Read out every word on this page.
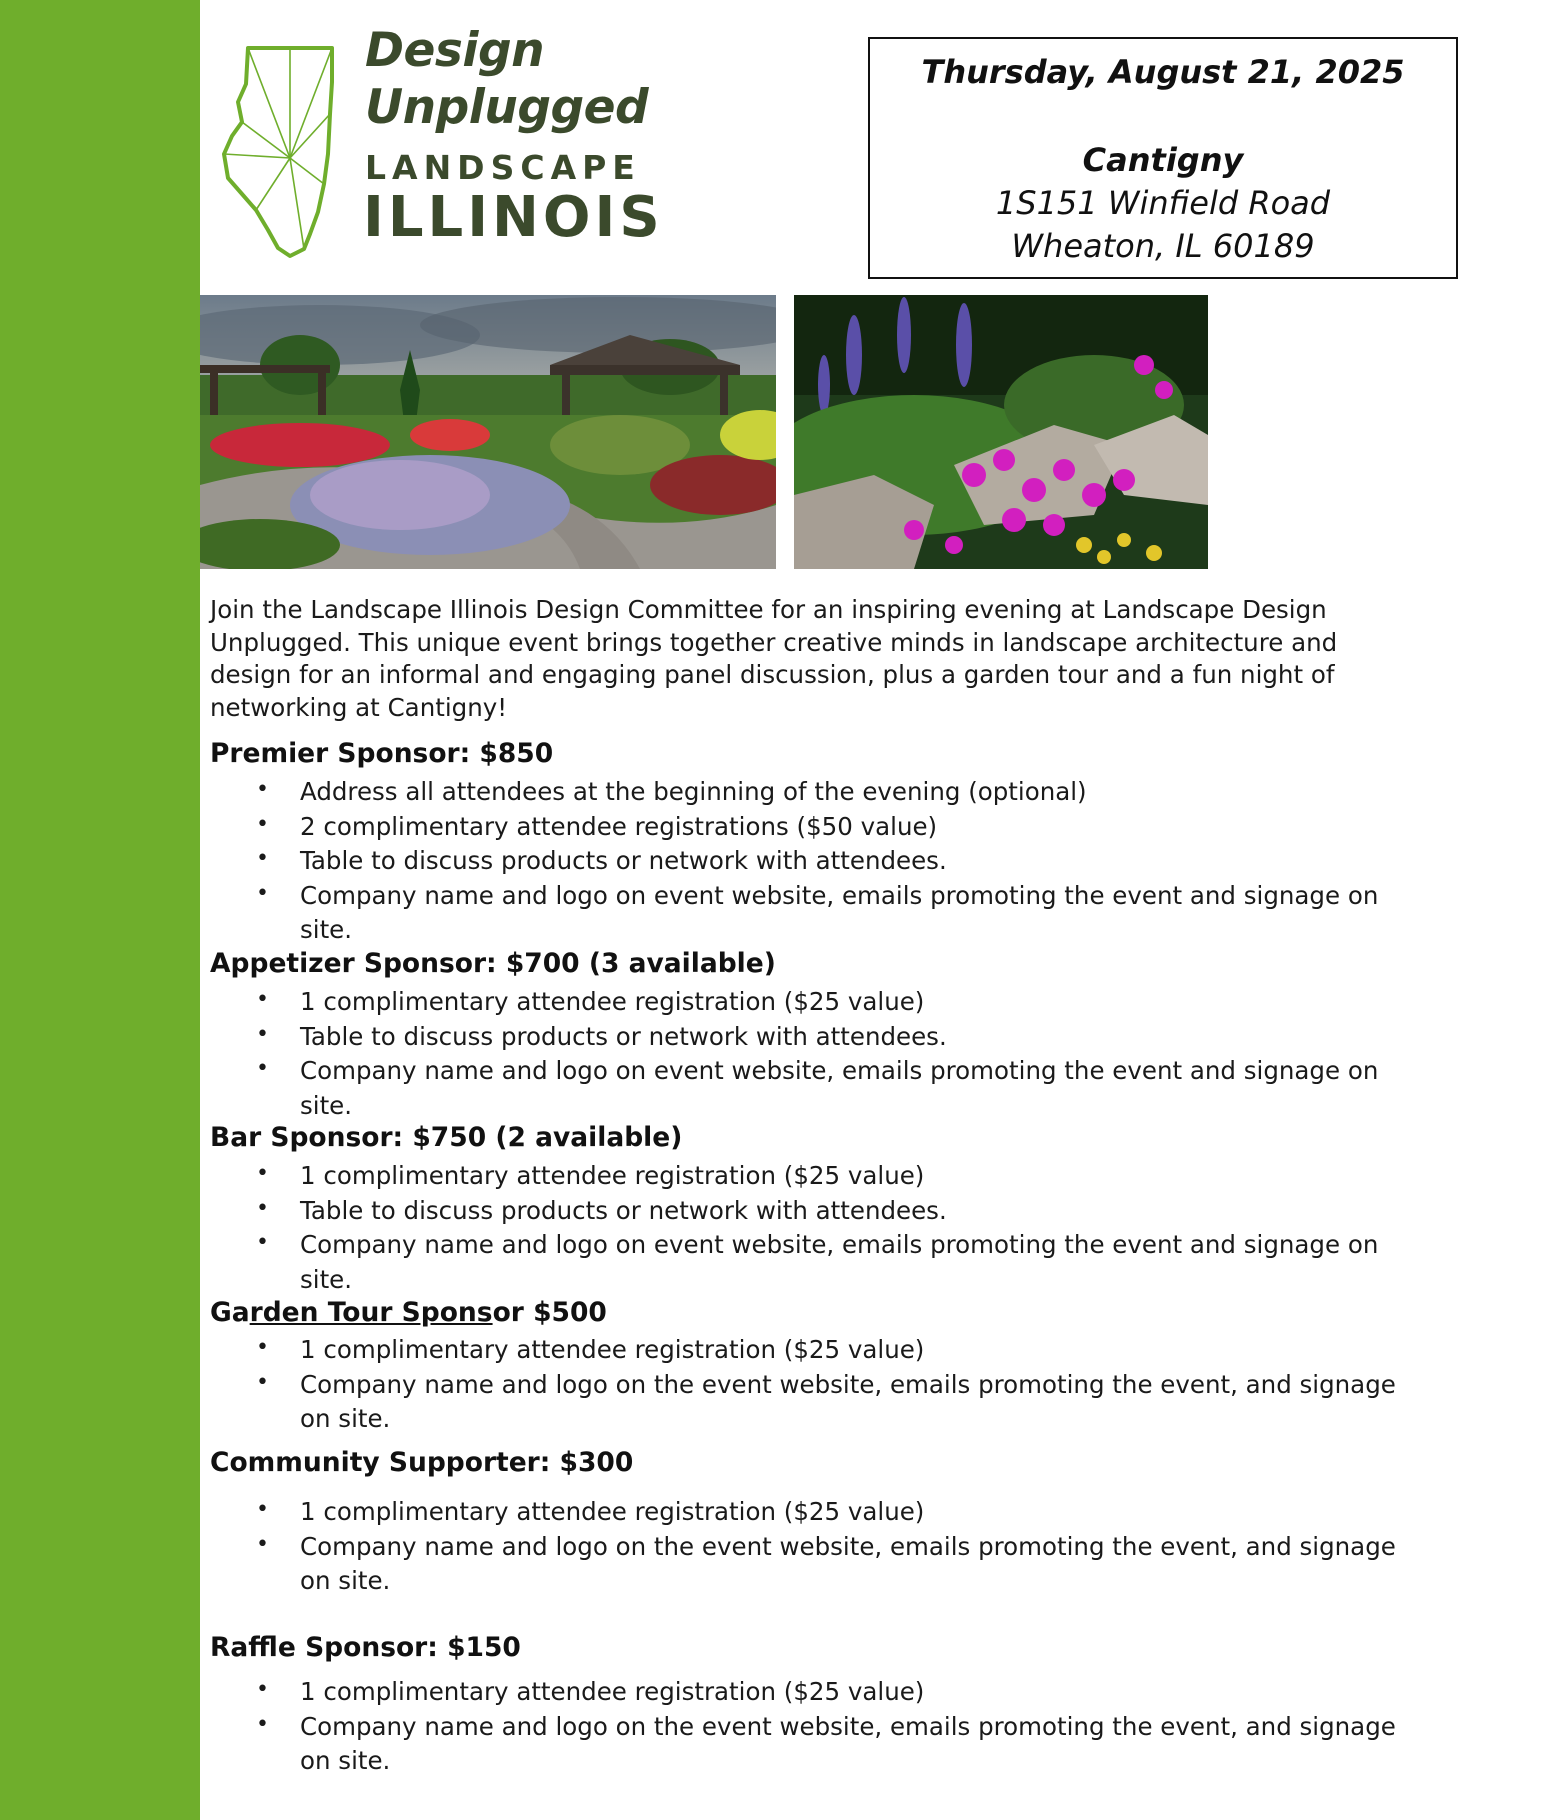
Design
Unplugged
LANDSCAPE
ILLINOIS
Thursday, August 21, 2025
Cantigny
1S151 Winfield Road
Wheaton, IL 60189
Join the Landscape Illinois Design Committee for an inspiring evening at Landscape Design Unplugged. This unique event brings together creative minds in landscape architecture and design for an informal and engaging panel discussion, plus a garden tour and a fun night of networking at Cantigny!
Premier Sponsor: $850
• Address all attendees at the beginning of the evening (optional)
• 2 complimentary attendee registrations ($50 value)
• Table to discuss products or network with attendees.
• Company name and logo on event website, emails promoting the event and signage on site.
Appetizer Sponsor: $700 (3 available)
• 1 complimentary attendee registration ($25 value)
• Table to discuss products or network with attendees.
• Company name and logo on event website, emails promoting the event and signage on site.
Bar Sponsor: $750 (2 available)
• 1 complimentary attendee registration ($25 value)
• Table to discuss products or network with attendees.
• Company name and logo on event website, emails promoting the event and signage on site.
Garden Tour Sponsor $500
• 1 complimentary attendee registration ($25 value)
• Company name and logo on the event website, emails promoting the event, and signage on site.
Community Supporter: $300
• 1 complimentary attendee registration ($25 value)
• Company name and logo on the event website, emails promoting the event, and signage on site.
Raffle Sponsor: $150
• 1 complimentary attendee registration ($25 value)
• Company name and logo on the event website, emails promoting the event, and signage on site.
